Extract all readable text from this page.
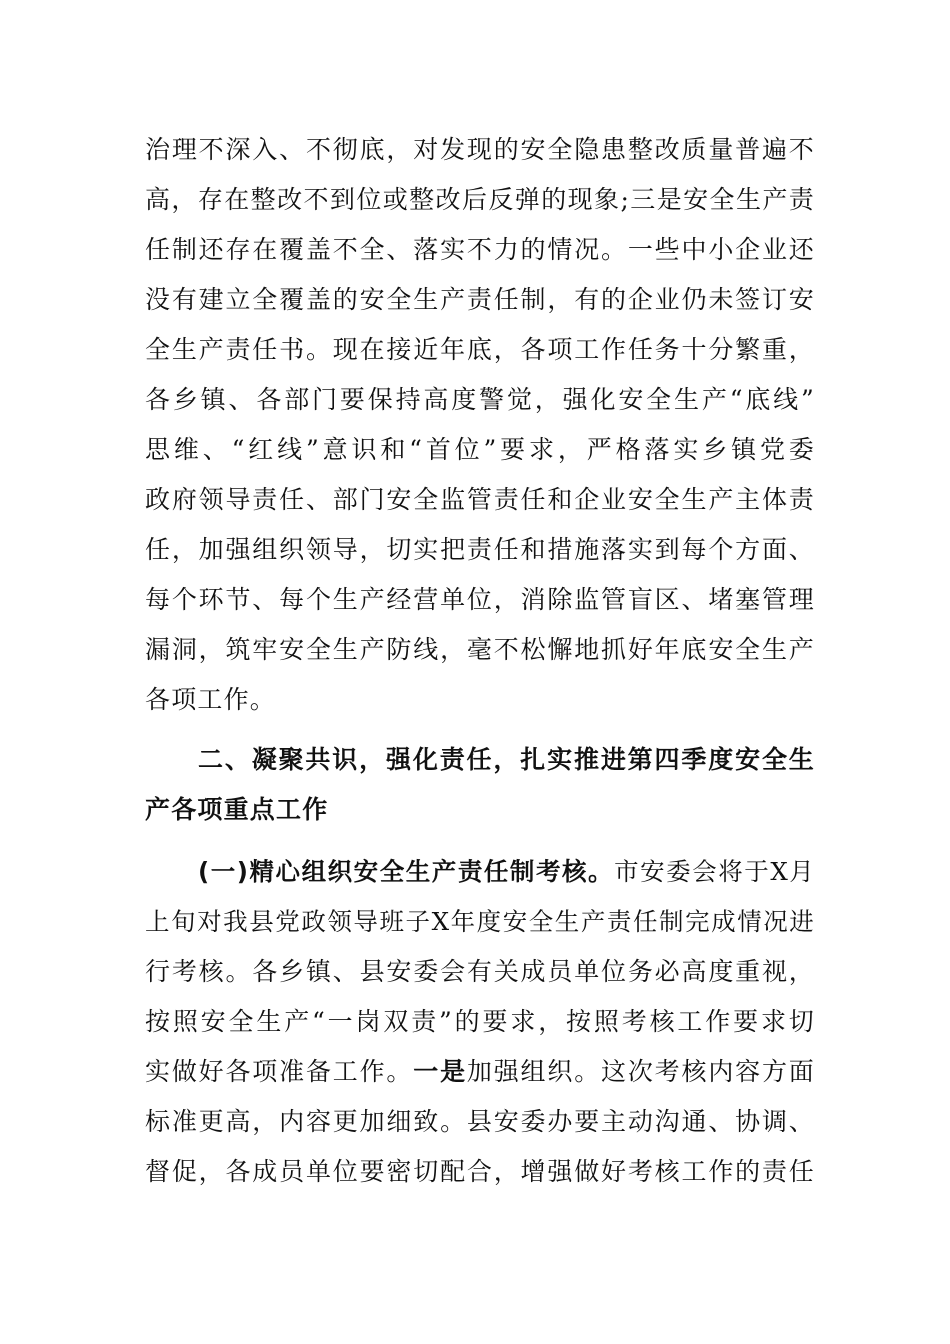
治理不深入、不彻底，对发现的安全隐患整改质量普遍不
高，存在整改不到位或整改后反弹的现象;三是安全生产责
任制还存在覆盖不全、落实不力的情况。一些中小企业还
没有建立全覆盖的安全生产责任制，有的企业仍未签订安
全生产责任书。现在接近年底，各项工作任务十分繁重，
各乡镇、各部门要保持高度警觉，强化安全生产“底线”
思维、“红线”意识和“首位”要求，严格落实乡镇党委
政府领导责任、部门安全监管责任和企业安全生产主体责
任，加强组织领导，切实把责任和措施落实到每个方面、
每个环节、每个生产经营单位，消除监管盲区、堵塞管理
漏洞，筑牢安全生产防线，毫不松懈地抓好年底安全生产
各项工作。
二、凝聚共识，强化责任，扎实推进第四季度安全生
产各项重点工作
(一)精心组织安全生产责任制考核。市安委会将于X月
上旬对我县党政领导班子X年度安全生产责任制完成情况进
行考核。各乡镇、县安委会有关成员单位务必高度重视，
按照安全生产“一岗双责”的要求，按照考核工作要求切
实做好各项准备工作。一是加强组织。这次考核内容方面
标准更高，内容更加细致。县安委办要主动沟通、协调、
督促，各成员单位要密切配合，增强做好考核工作的责任
